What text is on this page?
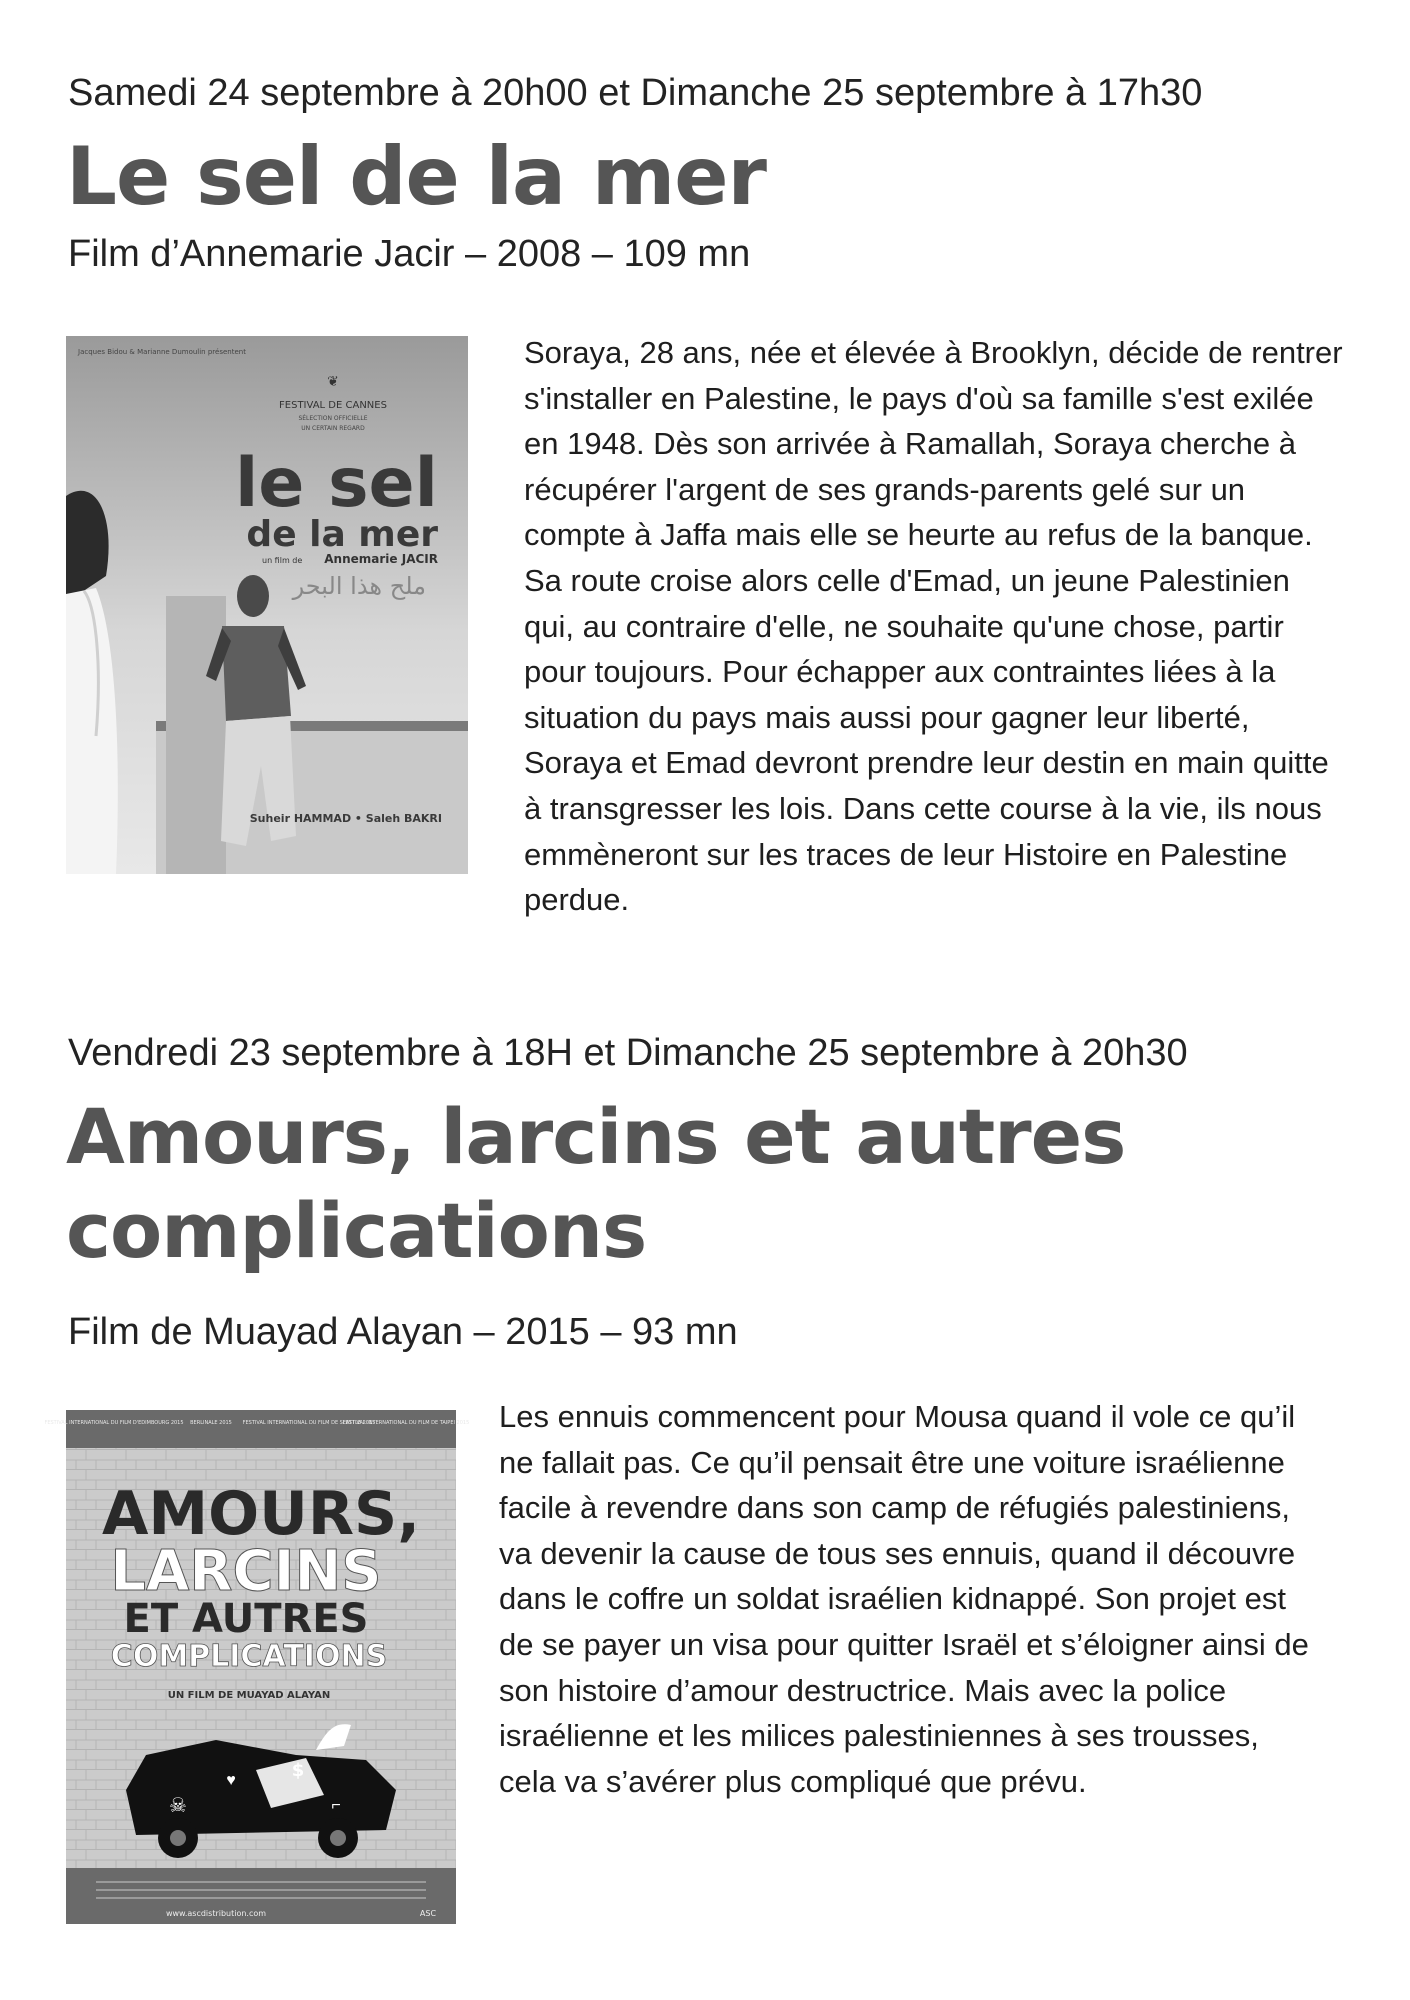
Samedi 24 septembre à 20h00 et Dimanche 25 septembre à 17h30
Le sel de la mer
Film d’Annemarie Jacir – 2008 – 109 mn
Jacques Bidou & Marianne Dumoulin présentent
❦
FESTIVAL DE CANNES
SÉLECTION OFFICIELLE
UN CERTAIN REGARD
le sel
de la mer
un film de Annemarie JACIR
ملح هذا البحر
Suheir HAMMAD • Saleh BAKRI

Soraya, 28 ans, née et élevée à Brooklyn, décide de rentrer s'installer en Palestine, le pays d'où sa famille s'est exilée en 1948. Dès son arrivée à Ramallah, Soraya cherche à récupérer l'argent de ses grands-parents gelé sur un compte à Jaffa mais elle se heurte au refus de la banque. Sa route croise alors celle d'Emad, un jeune Palestinien qui, au contraire d'elle, ne souhaite qu'une chose, partir pour toujours. Pour échapper aux contraintes liées à la situation du pays mais aussi pour gagner leur liberté, Soraya et Emad devront prendre leur destin en main quitte à transgresser les lois. Dans cette course à la vie, ils nous emmèneront sur les traces de leur Histoire en Palestine perdue.

Vendredi 23 septembre à 18H et Dimanche 25 septembre à 20h30
Amours, larcins et autres
complications
Film de Muayad Alayan – 2015 – 93 mn
FESTIVAL INTERNATIONAL DU FILM D'EDIMBOURG 2015 BERLINALE 2015 FESTIVAL INTERNATIONAL DU FILM DE SEATTLE 2015
FESTIVAL INTERNATIONAL DU FILM DE TAIPEI 2015
AMOURS,
LARCINS
ET AUTRES
COMPLICATIONS
UN FILM DE MUAYAD ALAYAN
☠
♥	$
⌐
www.ascdistribution.com	ASC

Les ennuis commencent pour Mousa quand il vole ce qu’il ne fallait pas. Ce qu’il pensait être une voiture israélienne facile à revendre dans son camp de réfugiés palestiniens, va devenir la cause de tous ses ennuis, quand il découvre dans le coffre un soldat israélien kidnappé. Son projet est de se payer un visa pour quitter Israël et s’éloigner ainsi de son histoire d’amour destructrice. Mais avec la police israélienne et les milices palestiniennes à ses trousses, cela va s’avérer plus compliqué que prévu.
